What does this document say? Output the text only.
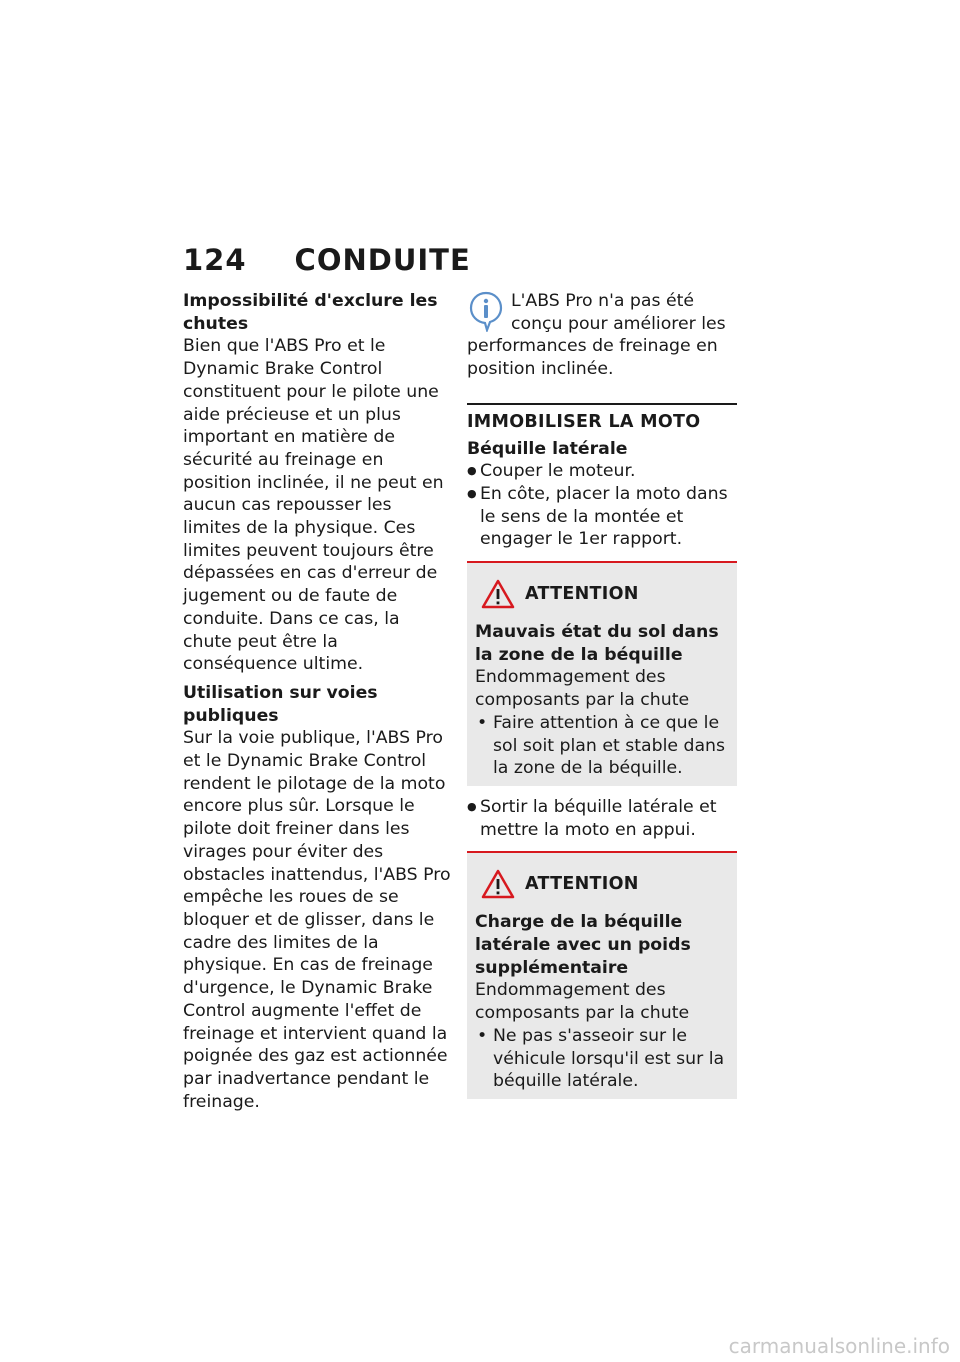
124 CONDUITE
Impossibilité d'exclure les chutes

Bien que l'ABS Pro et le Dynamic Brake Control constituent pour le pilote une aide précieuse et un plus important en matière de sécurité au freinage en position inclinée, il ne peut en aucun cas repousser les limites de la physique. Ces limites peuvent toujours être dépassées en cas d'erreur de jugement ou de faute de conduite. Dans ce cas, la chute peut être la conséquence ultime.

Utilisation sur voies publiques

Sur la voie publique, l'ABS Pro et le Dynamic Brake Control rendent le pilotage de la moto encore plus sûr. Lorsque le pilote doit freiner dans les virages pour éviter des obstacles inattendus, l'ABS Pro empêche les roues de se bloquer et de glisser, dans le cadre des limites de la physique. En cas de freinage d'urgence, le Dynamic Brake Control augmente l'effet de freinage et intervient quand la poignée des gaz est actionnée par inadvertance pendant le freinage.

L'ABS Pro n'a pas été conçu pour améliorer les performances de freinage en position inclinée.
IMMOBILISER LA MOTO
Béquille latérale
● Couper le moteur.
● En côte, placer la moto dans le sens de la montée et engager le 1er rapport.
ATTENTION
Mauvais état du sol dans la zone de la béquille
Endommagement des composants par la chute
• Faire attention à ce que le sol soit plan et stable dans la zone de la béquille.
● Sortir la béquille latérale et mettre la moto en appui.
ATTENTION
Charge de la béquille latérale avec un poids supplémentaire
Endommagement des composants par la chute
• Ne pas s'asseoir sur le véhicule lorsqu'il est sur la béquille latérale.
carmanualsonline.info
